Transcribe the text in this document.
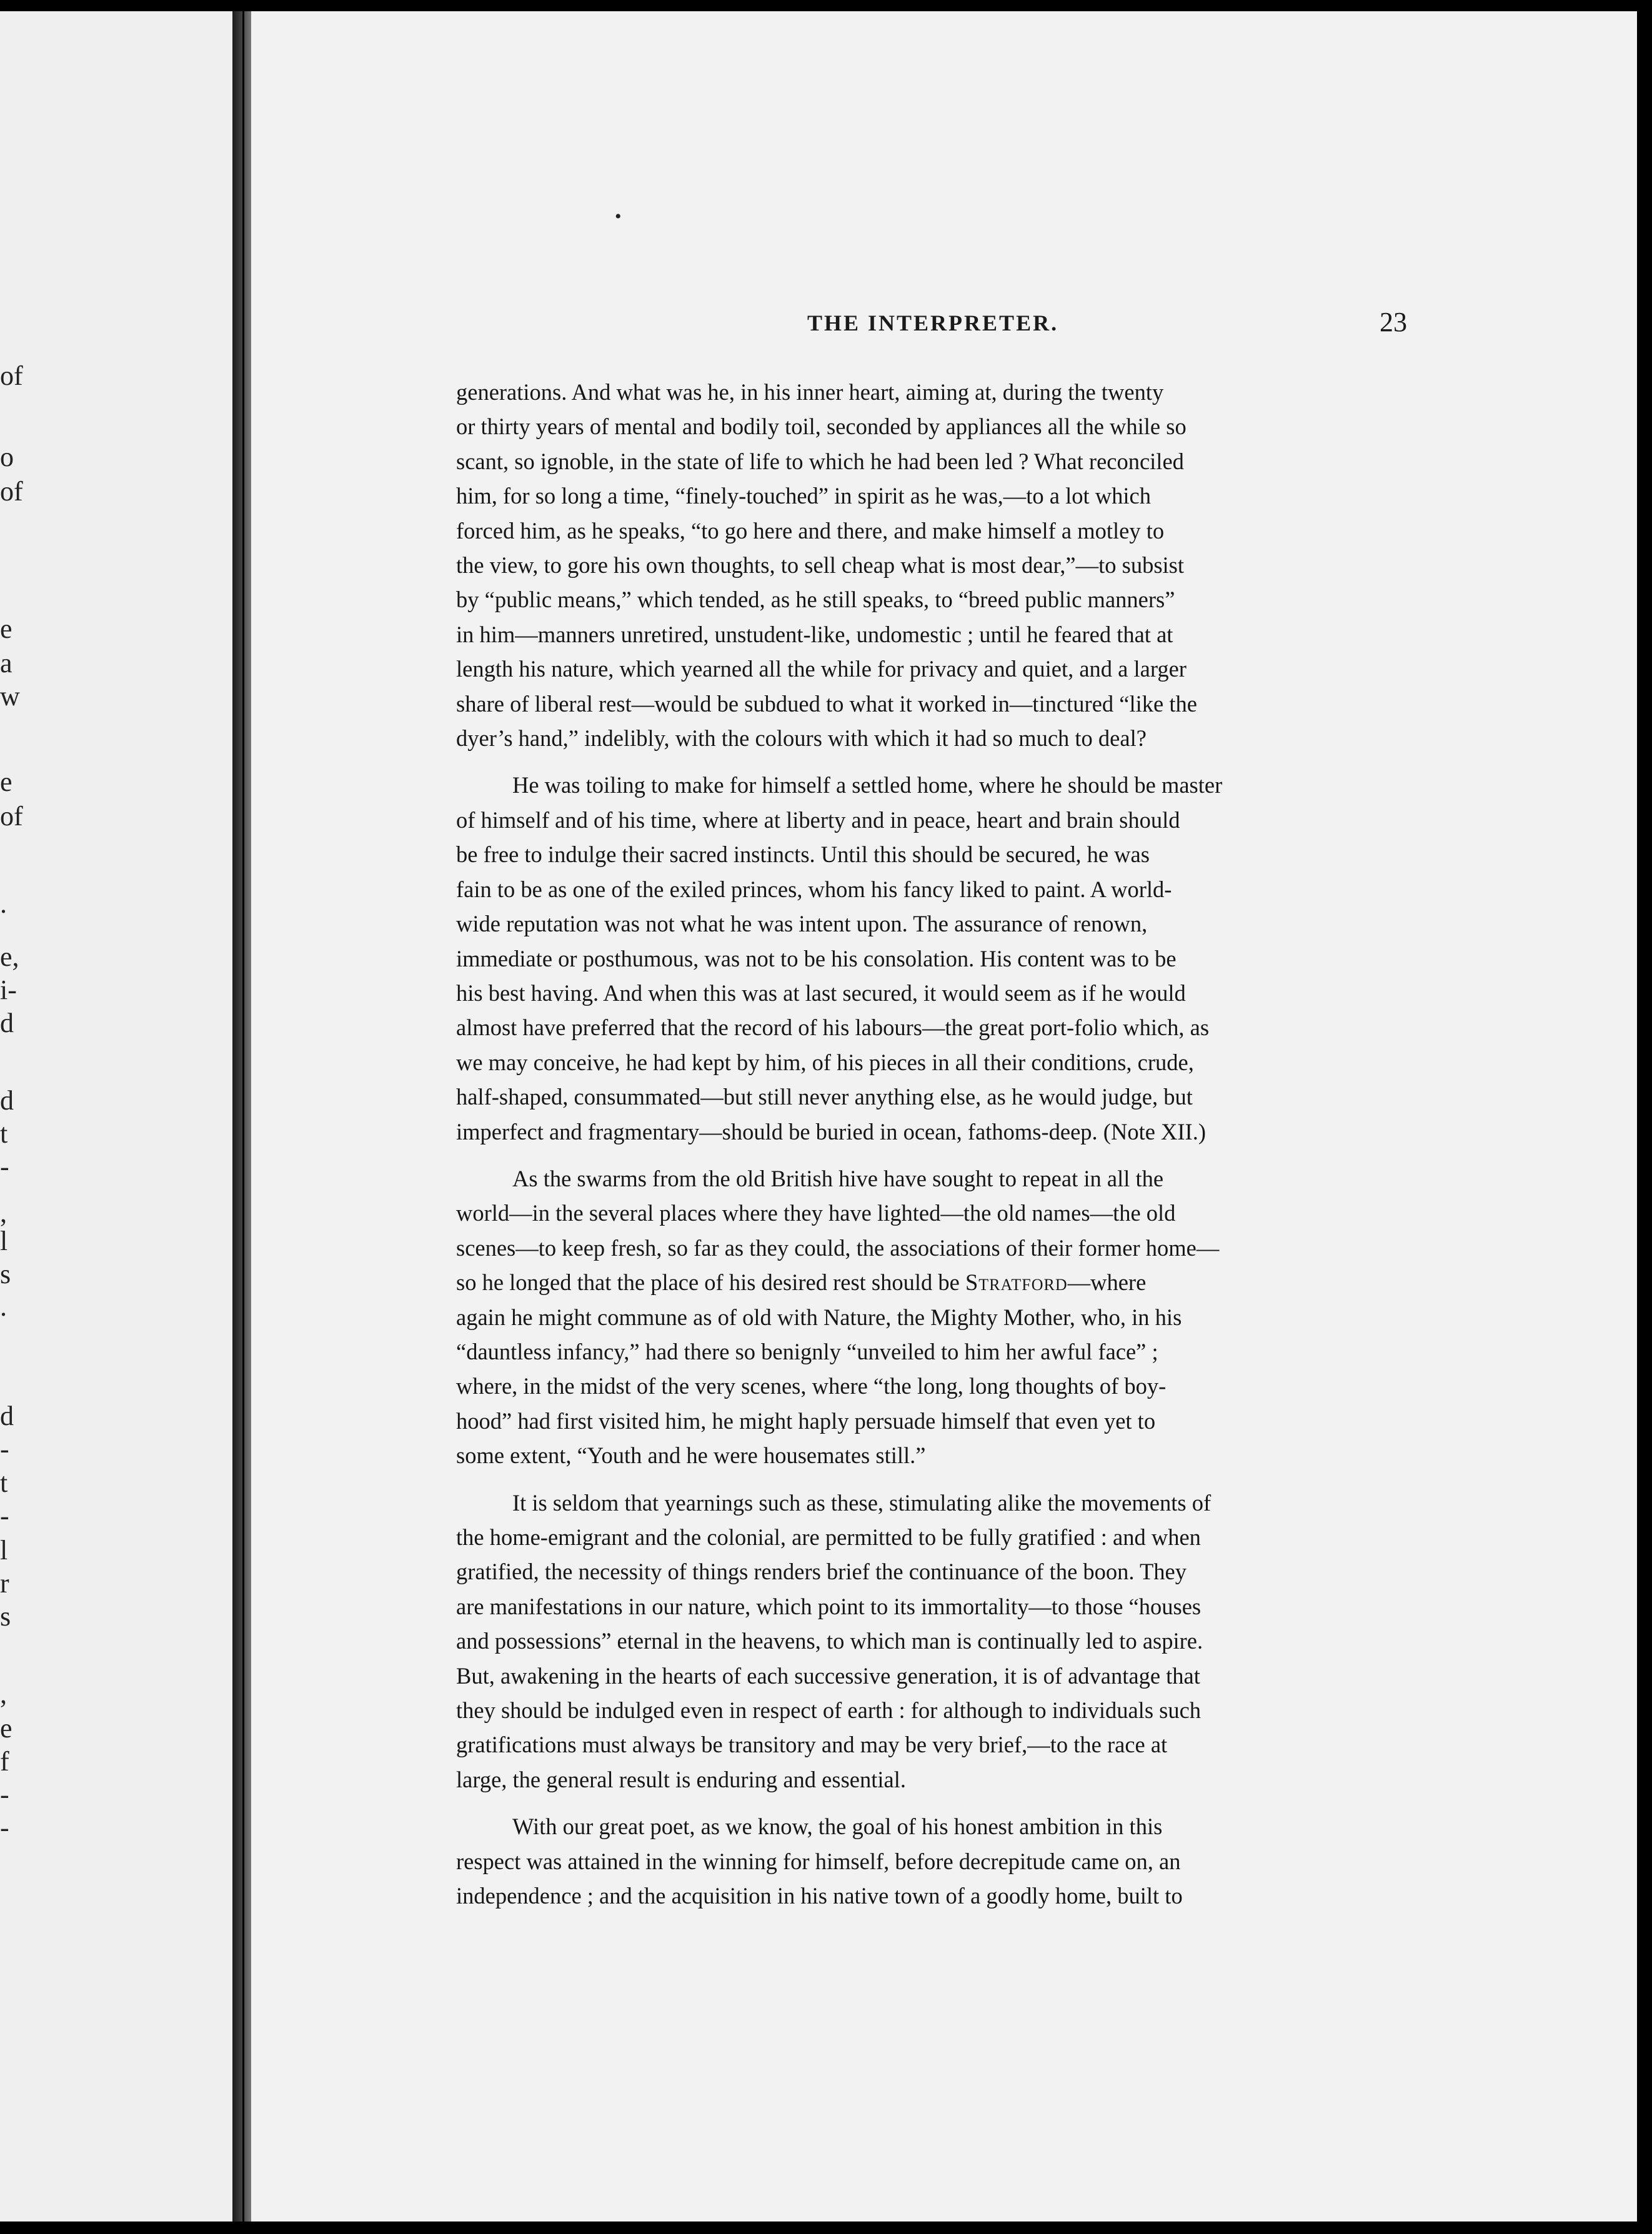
of
o
of
e
a
w
e
of
.
e,
i-
d
d
t
-
,
l
s
.
d
-
t
-
l
r
s
,
e
f
-
-
•
THE INTERPRETER.	23
generations. And what was he, in his inner heart, aiming at, during the twenty
or thirty years of mental and bodily toil, seconded by appliances all the while so
scant, so ignoble, in the state of life to which he had been led ? What reconciled
him, for so long a time, “finely-touched” in spirit as he was,—to a lot which
forced him, as he speaks, “to go here and there, and make himself a motley to
the view, to gore his own thoughts, to sell cheap what is most dear,”—to subsist
by “public means,” which tended, as he still speaks, to “breed public manners”
in him—manners unretired, unstudent-like, undomestic ; until he feared that at
length his nature, which yearned all the while for privacy and quiet, and a larger
share of liberal rest—would be subdued to what it worked in—tinctured “like the
dyer’s hand,” indelibly, with the colours with which it had so much to deal?
He was toiling to make for himself a settled home, where he should be master
of himself and of his time, where at liberty and in peace, heart and brain should
be free to indulge their sacred instincts. Until this should be secured, he was
fain to be as one of the exiled princes, whom his fancy liked to paint. A world-
wide reputation was not what he was intent upon. The assurance of renown,
immediate or posthumous, was not to be his consolation. His content was to be
his best having. And when this was at last secured, it would seem as if he would
almost have preferred that the record of his labours—the great port-folio which, as
we may conceive, he had kept by him, of his pieces in all their conditions, crude,
half-shaped, consummated—but still never anything else, as he would judge, but
imperfect and fragmentary—should be buried in ocean, fathoms-deep. (Note XII.)
As the swarms from the old British hive have sought to repeat in all the
world—in the several places where they have lighted—the old names—the old
scenes—to keep fresh, so far as they could, the associations of their former home—
so he longed that the place of his desired rest should be Stratford—where
again he might commune as of old with Nature, the Mighty Mother, who, in his
“dauntless infancy,” had there so benignly “unveiled to him her awful face” ;
where, in the midst of the very scenes, where “the long, long thoughts of boy-
hood” had first visited him, he might haply persuade himself that even yet to
some extent, “Youth and he were housemates still.”
It is seldom that yearnings such as these, stimulating alike the movements of
the home-emigrant and the colonial, are permitted to be fully gratified : and when
gratified, the necessity of things renders brief the continuance of the boon. They
are manifestations in our nature, which point to its immortality—to those “houses
and possessions” eternal in the heavens, to which man is continually led to aspire.
But, awakening in the hearts of each successive generation, it is of advantage that
they should be indulged even in respect of earth : for although to individuals such
gratifications must always be transitory and may be very brief,—to the race at
large, the general result is enduring and essential.
With our great poet, as we know, the goal of his honest ambition in this
respect was attained in the winning for himself, before decrepitude came on, an
independence ; and the acquisition in his native town of a goodly home, built to
